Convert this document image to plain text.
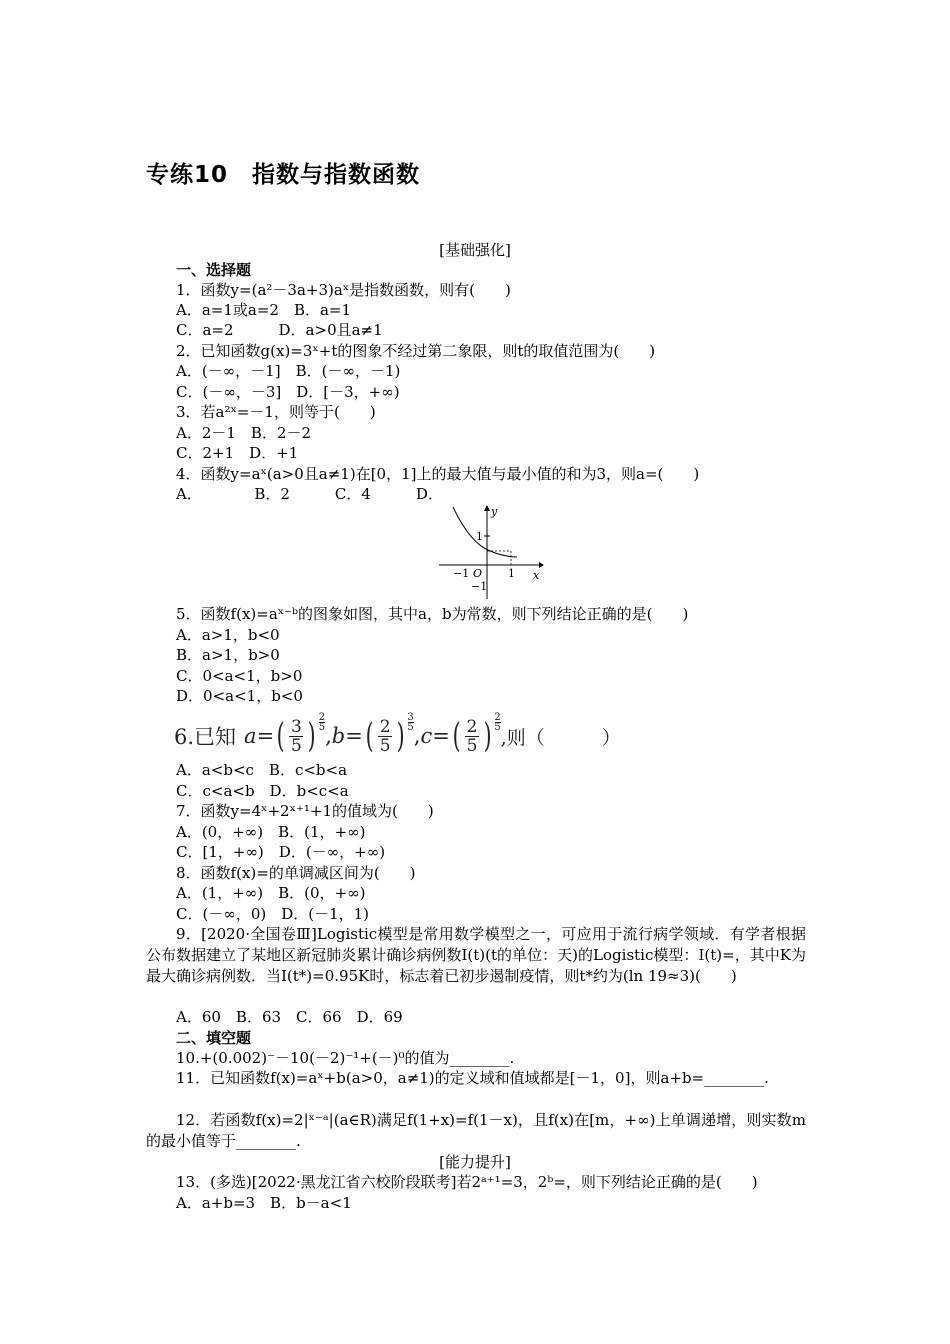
专练10　指数与指数函数
[基础强化]
一、选择题
1．函数y=(a²－3a+3)aˣ是指数函数，则有(　　)
A．a=1或a=2　B．a=1
C．a=2　　　D．a>0且a≠1
2．已知函数g(x)=3ˣ+t的图象不经过第二象限，则t的取值范围为(　　)
A．(－∞，－1]　B．(－∞，－1)
C．(－∞，－3]　D．[－3，+∞)
3．若a²ˣ=－1，则等于(　　)
A．2－1　B．2－2
C．2+1　D．+1
4．函数y=aˣ(a>0且a≠1)在[0，1]上的最大值与最小值的和为3，则a=(　　)
A．　　　　B．2　　　C．4　　　D．
y
x
O
1
−1
−1	1
5．函数f(x)=aˣ⁻ᵇ的图象如图，其中a，b为常数，则下列结论正确的是(　　)
A．a>1，b<0
B．a>1，b>0
C．0<a<1，b>0
D．0<a<1，b<0
6.已知 a = ( $\frac{3}{5}$ ) 2
5 , b = ( $\frac{2}{5}$ ) 3
5 , c = ( $\frac{2}{5}$ ) 2
5 ,则（　　　）
A．a<b<c　B．c<b<a
C．c<a<b　D．b<c<a
7．函数y=4ˣ+2ˣ⁺¹+1的值域为(　　)
A．(0，+∞)　B．(1，+∞)
C．[1，+∞)　D．(－∞，+∞)
8．函数f(x)=的单调减区间为(　　)
A．(1，+∞)　B．(0，+∞)
C．(－∞，0)　D．(－1，1)
9．[2020·全国卷Ⅲ]Logistic模型是常用数学模型之一，可应用于流行病学领域．有学者根据公布数据建立了某地区新冠肺炎累计确诊病例数I(t)(t的单位：天)的Logistic模型：I(t)=，其中K为最大确诊病例数．当I(t*)=0.95K时，标志着已初步遏制疫情，则t*约为(ln 19≈3)(　　)
A．60　B．63　C．66　D．69
二、填空题
10.+(0.002)⁻－10(－2)⁻¹+(－)⁰的值为________.
11．已知函数f(x)=aˣ+b(a>0，a≠1)的定义域和值域都是[－1，0]，则a+b=________.
12．若函数f(x)=2|ˣ⁻ᵃ|(a∈R)满足f(1+x)=f(1－x)，且f(x)在[m，+∞)上单调递增，则实数m的最小值等于________.
[能力提升]
13．(多选)[2022·黑龙江省六校阶段联考]若2ᵃ⁺¹=3，2ᵇ=，则下列结论正确的是(　　)
A．a+b=3　B．b－a<1
